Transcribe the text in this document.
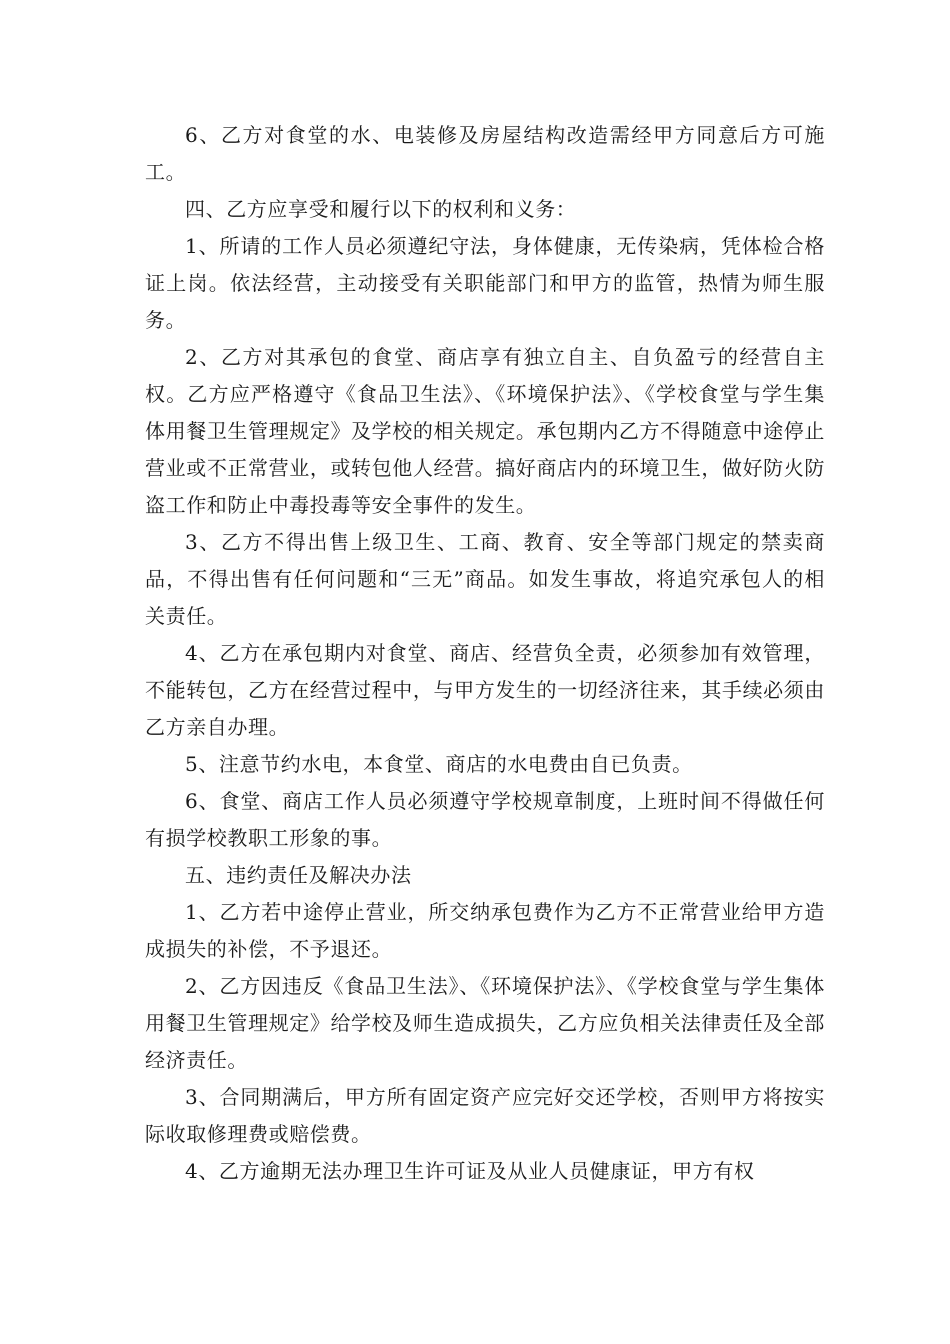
6、乙方对食堂的水、电装修及房屋结构改造需经甲方同意后方可施工。

四、乙方应享受和履行以下的权利和义务：

1、所请的工作人员必须遵纪守法，身体健康，无传染病，凭体检合格证上岗。依法经营，主动接受有关职能部门和甲方的监管，热情为师生服务。

2、乙方对其承包的食堂、商店享有独立自主、自负盈亏的经营自主权。乙方应严格遵守《食品卫生法》、《环境保护法》、《学校食堂与学生集体用餐卫生管理规定》及学校的相关规定。承包期内乙方不得随意中途停止营业或不正常营业，或转包他人经营。搞好商店内的环境卫生，做好防火防盗工作和防止中毒投毒等安全事件的发生。

3、乙方不得出售上级卫生、工商、教育、安全等部门规定的禁卖商品，不得出售有任何问题和“三无”商品。如发生事故，将追究承包人的相关责任。

4、乙方在承包期内对食堂、商店、经营负全责，必须参加有效管理，不能转包，乙方在经营过程中，与甲方发生的一切经济往来，其手续必须由乙方亲自办理。

5、注意节约水电，本食堂、商店的水电费由自已负责。

6、食堂、商店工作人员必须遵守学校规章制度，上班时间不得做任何有损学校教职工形象的事。

五、违约责任及解决办法

1、乙方若中途停止营业，所交纳承包费作为乙方不正常营业给甲方造成损失的补偿，不予退还。

2、乙方因违反《食品卫生法》、《环境保护法》、《学校食堂与学生集体用餐卫生管理规定》给学校及师生造成损失，乙方应负相关法律责任及全部经济责任。

3、合同期满后，甲方所有固定资产应完好交还学校，否则甲方将按实际收取修理费或赔偿费。

4、乙方逾期无法办理卫生许可证及从业人员健康证，甲方有权
